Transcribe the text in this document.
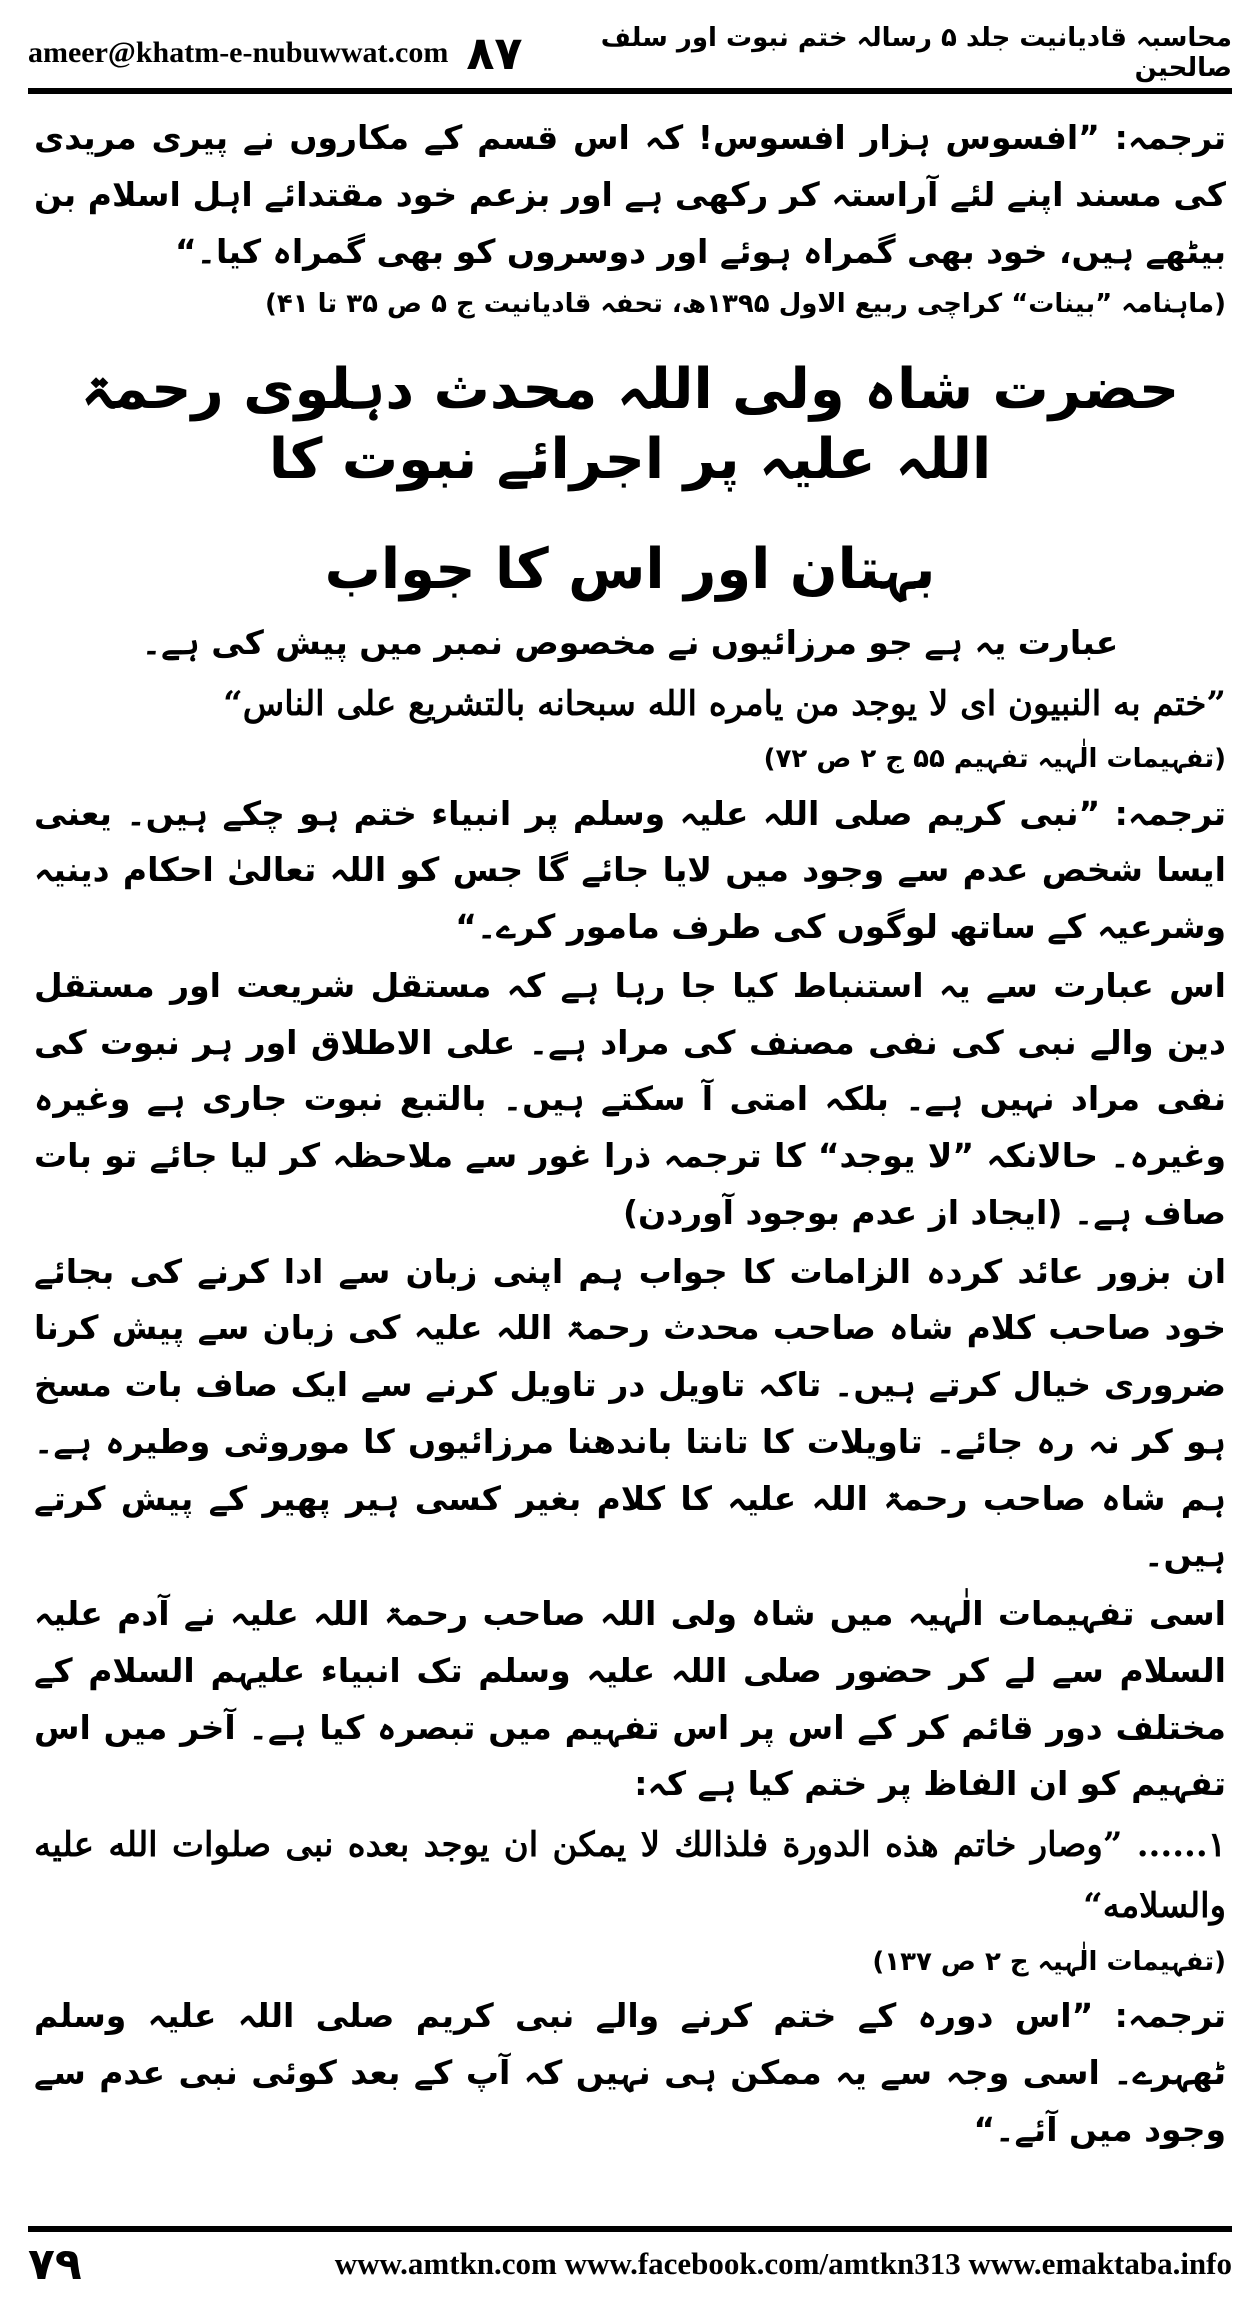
ameer@khatm-e-nubuwwat.com ۸۷	محاسبہ قادیانیت جلد ۵ رسالہ ختم نبوت اور سلف صالحین

ترجمہ: ”افسوس ہزار افسوس! کہ اس قسم کے مکاروں نے پیری مریدی کی مسند اپنے لئے آراستہ کر رکھی ہے اور بزعم خود مقتدائے اہل اسلام بن بیٹھے ہیں، خود بھی گمراہ ہوئے اور دوسروں کو بھی گمراہ کیا۔“

(ماہنامہ ”بینات“ کراچی ربیع الاول ۱۳۹۵ھ، تحفہ قادیانیت ج ۵ ص ۳۵ تا ۴۱)
حضرت شاہ ولی اللہ محدث دہلوی رحمۃ اللہ علیہ پر اجرائے نبوت کا
بہتان اور اس کا جواب

عبارت یہ ہے جو مرزائیوں نے مخصوص نمبر میں پیش کی ہے۔

”ختم به النبيون اى لا يوجد من يامره الله سبحانه بالتشريع على الناس“

(تفہیمات الٰہیہ تفہیم ۵۵ ج ۲ ص ۷۲)

ترجمہ: ”نبی کریم صلی اللہ علیہ وسلم پر انبیاء ختم ہو چکے ہیں۔ یعنی ایسا شخص عدم سے وجود میں لایا جائے گا جس کو اللہ تعالیٰ احکام دینیہ وشرعیہ کے ساتھ لوگوں کی طرف مامور کرے۔“

اس عبارت سے یہ استنباط کیا جا رہا ہے کہ مستقل شریعت اور مستقل دین والے نبی کی نفی مصنف کی مراد ہے۔ علی الاطلاق اور ہر نبوت کی نفی مراد نہیں ہے۔ بلکہ امتی آ سکتے ہیں۔ بالتبع نبوت جاری ہے وغیرہ وغیرہ۔ حالانکہ ”لا یوجد“ کا ترجمہ ذرا غور سے ملاحظہ کر لیا جائے تو بات صاف ہے۔ (ایجاد از عدم بوجود آوردن)

ان بزور عائد کردہ الزامات کا جواب ہم اپنی زبان سے ادا کرنے کی بجائے خود صاحب کلام شاہ صاحب محدث رحمۃ اللہ علیہ کی زبان سے پیش کرنا ضروری خیال کرتے ہیں۔ تاکہ تاویل در تاویل کرنے سے ایک صاف بات مسخ ہو کر نہ رہ جائے۔ تاویلات کا تانتا باندھنا مرزائیوں کا موروثی وطیرہ ہے۔ ہم شاہ صاحب رحمۃ اللہ علیہ کا کلام بغیر کسی ہیر پھیر کے پیش کرتے ہیں۔

اسی تفہیمات الٰہیہ میں شاہ ولی اللہ صاحب رحمۃ اللہ علیہ نے آدم علیہ السلام سے لے کر حضور صلی اللہ علیہ وسلم تک انبیاء علیہم السلام کے مختلف دور قائم کر کے اس پر اس تفہیم میں تبصرہ کیا ہے۔ آخر میں اس تفہیم کو ان الفاظ پر ختم کیا ہے کہ:

۱...... ”وصار خاتم هذه الدورة فلذالك لا يمكن ان يوجد بعده نبى صلوات الله عليه والسلامه“

(تفہیمات الٰہیہ ج ۲ ص ۱۳۷)

ترجمہ: ”اس دورہ کے ختم کرنے والے نبی کریم صلی اللہ علیہ وسلم ٹھہرے۔ اسی وجہ سے یہ ممکن ہی نہیں کہ آپ کے بعد کوئی نبی عدم سے وجود میں آئے۔“

۷۹	www.amtkn.com www.facebook.com/amtkn313 www.emaktaba.info
